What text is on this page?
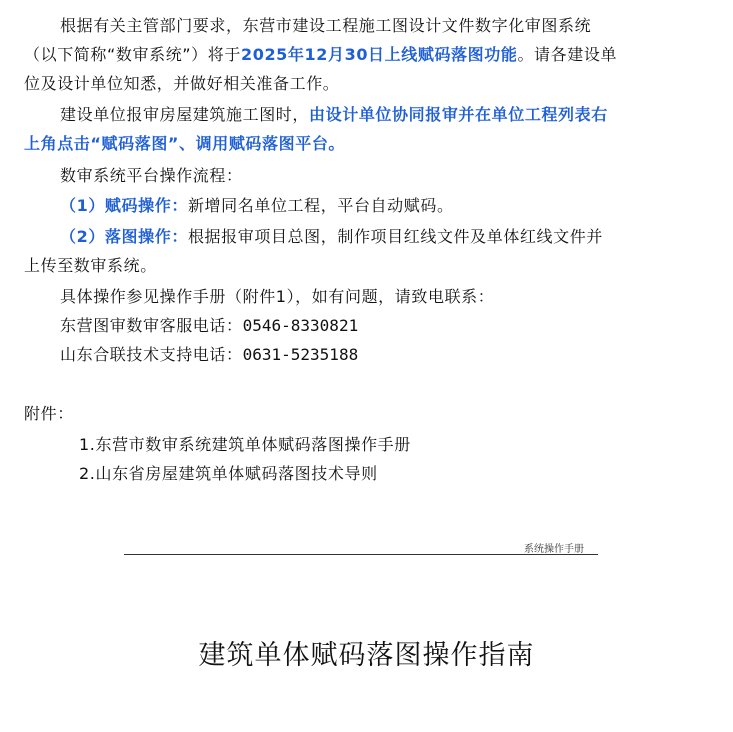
根据有关主管部门要求，东营市建设工程施工图设计文件数字化审图系统
（以下简称“数审系统”）将于2025年12月30日上线赋码落图功能。请各建设单
位及设计单位知悉，并做好相关准备工作。
建设单位报审房屋建筑施工图时，由设计单位协同报审并在单位工程列表右
上角点击“赋码落图”、调用赋码落图平台。
数审系统平台操作流程：
（1）赋码操作：新增同名单位工程，平台自动赋码。
（2）落图操作：根据报审项目总图，制作项目红线文件及单体红线文件并
上传至数审系统。
具体操作参见操作手册（附件1），如有问题，请致电联系：
东营图审数审客服电话：0546-8330821
山东合联技术支持电话：0631-5235188
附件：
1.东营市数审系统建筑单体赋码落图操作手册
2.山东省房屋建筑单体赋码落图技术导则
系统操作手册
建筑单体赋码落图操作指南
